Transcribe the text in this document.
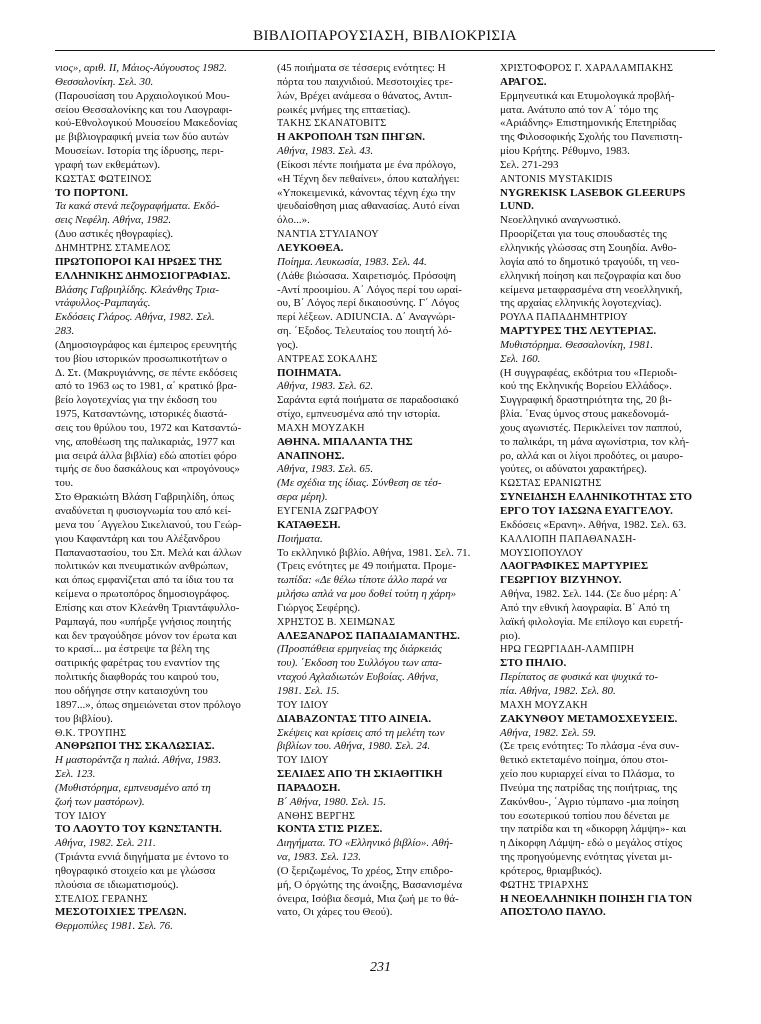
ΒΙΒΛΙΟΠΑΡΟΥΣΙΑΣΗ, ΒΙΒΛΙΟΚΡΙΣΙΑ
νιος», αριθ. ΙΙ, Μάιος-Αύγουστος 1982.
Θεσσαλονίκη. Σελ. 30.
(Παρουσίαση του Αρχαιολογικού Μου-
σείου Θεσσαλονίκης και του Λαογραφι-
κού-Εθνολογικού Μουσείου Μακεδονίας
με βιβλιογραφική μνεία των δύο αυτών
Μουσείων. Ιστορία της ίδρυσης, περι-
γραφή των εκθεμάτων).
ΚΩΣΤΑΣ ΦΩΤΕΙΝΟΣ
ΤΟ ΠΟΡΤΟΝΙ.
Τα κακά στενά πεζογραφήματα. Εκδό-
σεις Νεφέλη. Αθήνα, 1982.
(Δυο αστικές ηθογραφίες).
ΔΗΜΗΤΡΗΣ ΣΤΑΜΕΛΟΣ
ΠΡΩΤΟΠΟΡΟΙ ΚΑΙ ΗΡΩΕΣ ΤΗΣ
ΕΛΛΗΝΙΚΗΣ ΔΗΜΟΣΙΟΓΡΑΦΙΑΣ.
Βλάσης Γαβριηλίδης. Κλεάνθης Τρια-
ντάφυλλος-Ραμπαγάς.
Εκδόσεις Γλάρος. Αθήνα, 1982. Σελ.
283.
(Δημοσιογράφος και έμπειρος ερευνητής
του βίου ιστορικών προσωπικοτήτων ο
Δ. Στ. (Μακρυγιάννης, σε πέντε εκδόσεις
από το 1963 ως το 1981, α΄ κρατικό βρα-
βείο λογοτεχνίας για την έκδοση του
1975, Κατσαντώνης, ιστορικές διαστά-
σεις του θρύλου του, 1972 και Κατσαντώ-
νης, αποθέωση της παλικαριάς, 1977 και
μια σειρά άλλα βιβλία) εδώ αποτίει φόρο
τιμής σε δυο δασκάλους και «προγόνους»
του.
Στο Θρακιώτη Βλάση Γαβριηλίδη, όπως
αναδύνεται η φυσιογνωμία του από κεί-
μενα του ΄Αγγελου Σικελιανού, του Γεώρ-
γιου Καφαντάρη και του Αλέξανδρου
Παπαναστασίου, του Σπ. Μελά και άλλων
πολιτικών και πνευματικών ανθρώπων,
και όπως εμφανίζεται από τα ίδια του τα
κείμενα ο πρωτοπόρος δημοσιογράφος.
Επίσης και στον Κλεάνθη Τριαντάφυλλο-
Ραμπαγά, που «υπήρξε γνήσιος ποιητής
και δεν τραγούδησε μόνον τον έρωτα και
το κρασί... μα έστρεψε τα βέλη της
σατιρικής φαρέτρας του εναντίον της
πολιτικής διαφθοράς του καιρού του,
που οδήγησε στην καταισχύνη του
1897...», όπως σημειώνεται στον πρόλογο
του βιβλίου).
Θ.Κ. ΤΡΟΥΠΗΣ
ΑΝΘΡΩΠΟΙ ΤΗΣ ΣΚΑΛΩΣΙΑΣ.
Η μαστοράντζα η παλιά. Αθήνα, 1983.
Σελ. 123.
(Μυθιστόρημα, εμπνευσμένο από τη
ζωή των μαστόρων).
ΤΟΥ ΙΔΙΟΥ
ΤΟ ΛΑΟΥΤΟ ΤΟΥ ΚΩΝΣΤΑΝΤΗ.
Αθήνα, 1982. Σελ. 211.
(Τριάντα εννιά διηγήματα με έντονο το
ηθογραφικό στοιχείο και με γλώσσα
πλούσια σε ιδιωματισμούς).
ΣΤΕΛΙΟΣ ΓΕΡΑΝΗΣ
ΜΕΣΟΤΟΙΧΙΕΣ ΤΡΕΛΩΝ.
Θερμοπύλες 1981. Σελ. 76.
(45 ποιήματα σε τέσσερις ενότητες: Η
πόρτα του παιχνιδιού. Μεσοτοιχίες τρε-
λών, Βρέχει ανάμεσα ο θάνατος, Αντιπ-
ρωικές μνήμες της επταετίας).
ΤΑΚΗΣ ΣΚΑΝΑΤΟΒΙΤΣ
Η ΑΚΡΟΠΟΛΗ ΤΩΝ ΠΗΓΩΝ.
Αθήνα, 1983. Σελ. 43.
(Είκοσι πέντε ποιήματα με ένα πρόλογο,
«Η Τέχνη δεν πεθαίνει», όπου καταλήγει:
«Υποκειμενικά, κάνοντας τέχνη έχω την
ψευδαίσθηση μιας αθανασίας. Αυτό είναι
όλο...».
ΝΑΝΤΙΑ ΣΤΥΛΙΑΝΟΥ
ΛΕΥΚΟΘΕΑ.
Ποίημα. Λευκωσία, 1983. Σελ. 44.
(Λάθε βιώσασα. Χαιρετισμός. Πρόσοψη
-Αντί προοιμίου. Α΄ Λόγος περί του ωραί-
ου, Β΄ Λόγος περί δικαιοσύνης. Γ΄ Λόγος
περί λέξεων. ADIUNCIA. Δ΄ Αναγνώρι-
ση. ΄Εξοδος. Τελευταίος του ποιητή λό-
γος).
ΑΝΤΡΕΑΣ ΣΟΚΑΛΗΣ
ΠΟΙΗΜΑΤΑ.
Αθήνα, 1983. Σελ. 62.
Σαράντα εφτά ποιήματα σε παραδοσιακό
στίχο, εμπνευσμένα από την ιστορία.
ΜΑΧΗ ΜΟΥΖΑΚΗ
ΑΘΗΝΑ. ΜΠΑΛΑΝΤΑ ΤΗΣ
ΑΝΑΠΝΟΗΣ.
Αθήνα, 1983. Σελ. 65.
(Με σχέδια της ίδιας. Σύνθεση σε τέσ-
σερα μέρη).
ΕΥΓΕΝΙΑ ΖΩΓΡΑΦΟΥ
ΚΑΤΑΘΕΣΗ.
Ποιήματα.
Το εκλληνικό βιβλίο. Αθήνα, 1981. Σελ. 71.
(Τρεις ενότητες με 49 ποιήματα. Προμε-
τωπίδα: «Δε θέλω τίποτε άλλο παρά να
μιλήσω απλά να μου δοθεί τούτη η χάρη»
Γιώργος Σεφέρης).
ΧΡΗΣΤΟΣ Β. ΧΕΙΜΩΝΑΣ
ΑΛΕΞΑΝΔΡΟΣ ΠΑΠΑΔΙΑΜΑΝΤΗΣ.
(Προσπάθεια ερμηνείας της διάρκειάς
του). ΄Εκδοση του Συλλόγου των απα-
νταχού Αχλαδιωτών Ευβοίας. Αθήνα,
1981. Σελ. 15.
ΤΟΥ ΙΔΙΟΥ
ΔΙΑΒΑΖΟΝΤΑΣ ΤΙΤΟ ΑΙΝΕΙΑ.
Σκέψεις και κρίσεις από τη μελέτη των
βιβλίων του. Αθήνα, 1980. Σελ. 24.
ΤΟΥ ΙΔΙΟΥ
ΣΕΛΙΔΕΣ ΑΠΟ ΤΗ ΣΚΙΑΘΙΤΙΚΗ
ΠΑΡΑΔΟΣΗ.
Β΄ Αθήνα, 1980. Σελ. 15.
ΑΝΘΗΣ ΒΕΡΓΗΣ
ΚΟΝΤΑ ΣΤΙΣ ΡΙΖΕΣ.
Διηγήματα. ΤΟ «Ελληνικό βιβλίο». Αθή-
να, 1983. Σελ. 123.
(Ο ξεριζωμένος, Το χρέος, Στην επιδρο-
μή, Ο όργώτης της άνοιξης, Βασανισμένα
όνειρα, Ισόβια δεσμά, Μια ζωή με το θά-
νατο, Οι χάρες του Θεού).
ΧΡΙΣΤΟΦΟΡΟΣ Γ. ΧΑΡΑΛΑΜΠΑΚΗΣ
ΑΡΑΓΟΣ.
Ερμηνευτικά και Ετυμολογικά προβλή-
ματα. Ανάτυπο από τον Α΄ τόμο της
«Αριάδνης» Επιστημονικής Επετηρίδας
της Φιλοσοφικής Σχολής του Πανεπιστη-
μίου Κρήτης. Ρέθυμνο, 1983.
Σελ. 271-293
ANTONIS MYSTAKIDIS
NYGREKISK LASEBOK GLEERUPS
LUND.
Νεοελληνικό αναγνωστικό.
Προορίζεται για τους σπουδαστές της
ελληνικής γλώσσας στη Σουηδία. Ανθο-
λογία από το δημοτικό τραγούδι, τη νεο-
ελληνική ποίηση και πεζογραφία και δυο
κείμενα μεταφρασμένα στη νεοελληνική,
της αρχαίας ελληνικής λογοτεχνίας).
ΡΟΥΛΑ ΠΑΠΑΔΗΜΗΤΡΙΟΥ
ΜΑΡΤΥΡΕΣ ΤΗΣ ΛΕΥΤΕΡΙΑΣ.
Μυθιστόρημα. Θεσσαλονίκη, 1981.
Σελ. 160.
(Η συγγραφέας, εκδότρια του «Περιοδι-
κού της Εκληνικής Βορείου Ελλάδος».
Συγγραφική δραστηριότητα της, 20 βι-
βλία. ΄Ενας ύμνος στους μακεδονομά-
χους αγωνιστές. Περικλείνει τον παππού,
το παλικάρι, τη μάνα αγωνίστρια, τον κλή-
ρο, αλλά και οι λίγοι προδότες, οι μαυρο-
γούτες, οι αδύνατοι χαρακτήρες).
ΚΩΣΤΑΣ ΕΡΑΝΙΩΤΗΣ
ΣΥΝΕΙΔΗΣΗ ΕΛΛΗΝΙΚΟΤΗΤΑΣ ΣΤΟ
ΕΡΓΟ ΤΟΥ ΙΑΣΩΝΑ ΕΥΑΓΓΕΛΟΥ.
Εκδόσεις «Ερανη». Αθήνα, 1982. Σελ. 63.
ΚΑΛΛΙΟΠΗ ΠΑΠΑΘΑΝΑΣΗ-
ΜΟΥΣΙΟΠΟΥΛΟΥ
ΛΑΟΓΡΑΦΙΚΕΣ ΜΑΡΤΥΡΙΕΣ
ΓΕΩΡΓΙΟΥ ΒΙΖΥΗΝΟΥ.
Αθήνα, 1982. Σελ. 144. (Σε δυο μέρη: Α΄
Από την εθνική λαογραφία. Β΄ Από τη
λαϊκή φιλολογία. Με επίλογο και ευρετή-
ριο).
ΗΡΩ ΓΕΩΡΓΙΑΔΗ-ΛΑΜΠΙΡΗ
ΣΤΟ ΠΗΛΙΟ.
Περίπατος σε φυσικά και ψυχικά το-
πία. Αθήνα, 1982. Σελ. 80.
ΜΑΧΗ ΜΟΥΖΑΚΗ
ΖΑΚΥΝΘΟΥ ΜΕΤΑΜΟΣΧΕΥΣΕΙΣ.
Αθήνα, 1982. Σελ. 59.
(Σε τρεις ενότητες: Το πλάσμα -ένα συν-
θετικό εκτεταμένο ποίημα, όπου στοι-
χείο που κυριαρχεί είναι το Πλάσμα, το
Πνεύμα της πατρίδας της ποιήτριας, της
Ζακύνθου-, ΄Αγριο τύμπανο -μια ποίηση
του εσωτερικού τοπίου που δένεται με
την πατρίδα και τη «δικορφη λάμψη»- και
η Δίκορφη Λάμψη- εδώ ο μεγάλος στίχος
της προηγούμενης ενότητας γίνεται μι-
κρότερος, θριαμβικός).
ΦΩΤΗΣ ΤΡΙΑΡΧΗΣ
Η ΝΕΟΕΛΛΗΝΙΚΗ ΠΟΙΗΣΗ ΓΙΑ ΤΟΝ
ΑΠΟΣΤΟΛΟ ΠΑΥΛΟ.
231
